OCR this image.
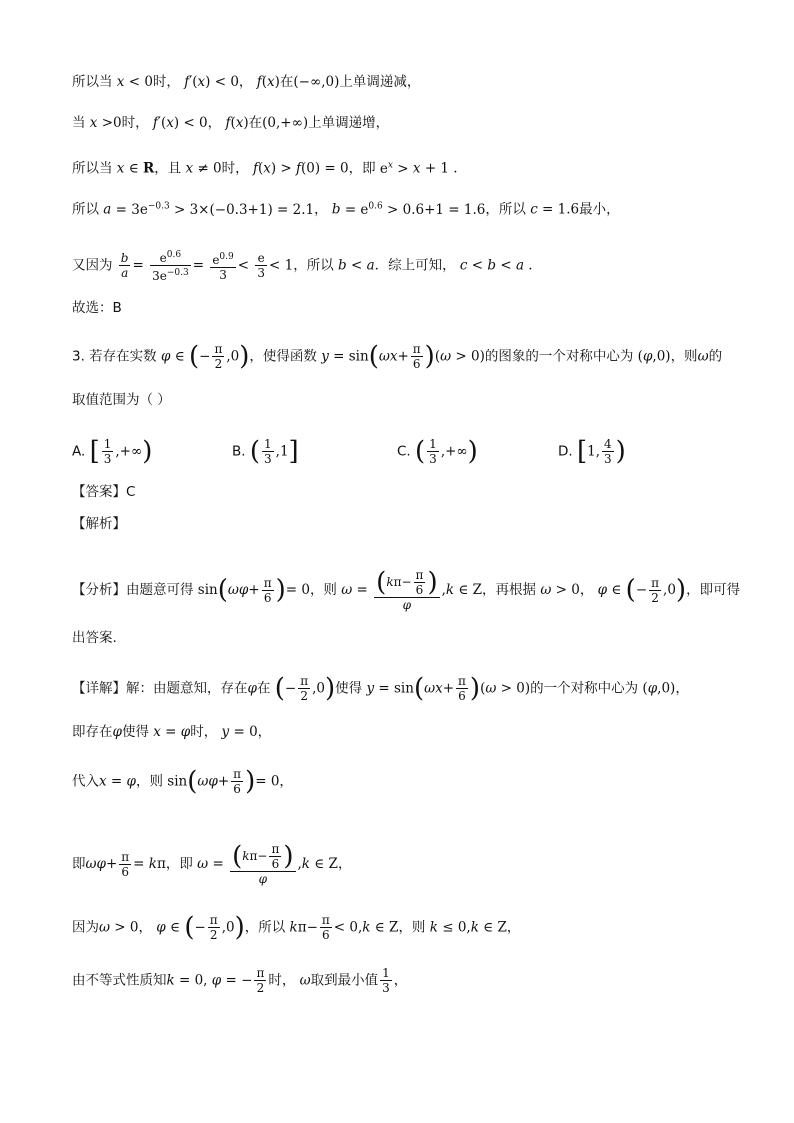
所以当 x < 0时， f′(x) < 0， f(x)在(−∞,0)上单调递减，
当 x >0时， f′(x) < 0， f(x)在(0,+∞)上单调递增，
所以当 x ∈ R，且 x ≠ 0时， f(x) > f(0) = 0，即 $e^x > x + 1$ .
所以 $a = 3e^{-0.3} > 3\times(-0.3+1) = 2.1$， $b = e^{0.6} > 0.6+1 = 1.6$，所以 c = 1.6最小，
又因为 $\frac{b}{a} = \frac{e^{0.6}}{3e^{-0.3}} = \frac{e^{0.9}}{3} < \frac{e}{3} < 1$，所以 b < a．综上可知， c < b < a .
故选：B
3. 若存在实数 φ ∈ (− $\frac{\pi}{2} ,0$)，使得函数 $y = \sin(\omega x+ \frac{\pi}{6} )(\omega > 0)$的图象的一个对称中心为 (φ,0)，则ω的
取值范围为（ ）
A. [ $\frac{1}{3}$ ,+∞)	B. ( $\frac{1}{3} ,1$]	C. ( $\frac{1}{3}$ ,+∞)	D. [1, $\frac{4}{3}$ )
【答案】C
【解析】
【分析】由题意可得 $\sin(\omega\varphi+ \frac{\pi}{6}$ )= 0，则 $\omega = \frac{(k\pi- \frac{\pi}{6} )}{\varphi} ,k$ ∈ Z，再根据 ω > 0， φ ∈ (− $\frac{\pi}{2} ,0$)，即可得
出答案.
【详解】解：由题意知，存在φ在 (− $\frac{\pi}{2} ,0$)使得 $y = \sin(\omega x+ \frac{\pi}{6} )(\omega > 0)$的一个对称中心为 (φ,0)，
即存在φ使得 x = φ时， y = 0，
代入x = φ，则 $\sin(\omega\varphi+ \frac{\pi}{6}$ )= 0，
即$\omega\varphi+ \frac{\pi}{6} = k\pi$，即 $\omega = \frac{(k\pi- \frac{\pi}{6} )}{\varphi} ,k$ ∈ Z，
因为ω > 0， φ ∈ (− $\frac{\pi}{2} ,0$)，所以 $k\pi- \frac{\pi}{6} < 0,k$ ∈ Z，则 k ≤ 0,k ∈ Z，
由不等式性质知k = 0, φ = − $\frac{\pi}{2}$ 时， ω取到最小值 $\frac{1}{3}$ ，
